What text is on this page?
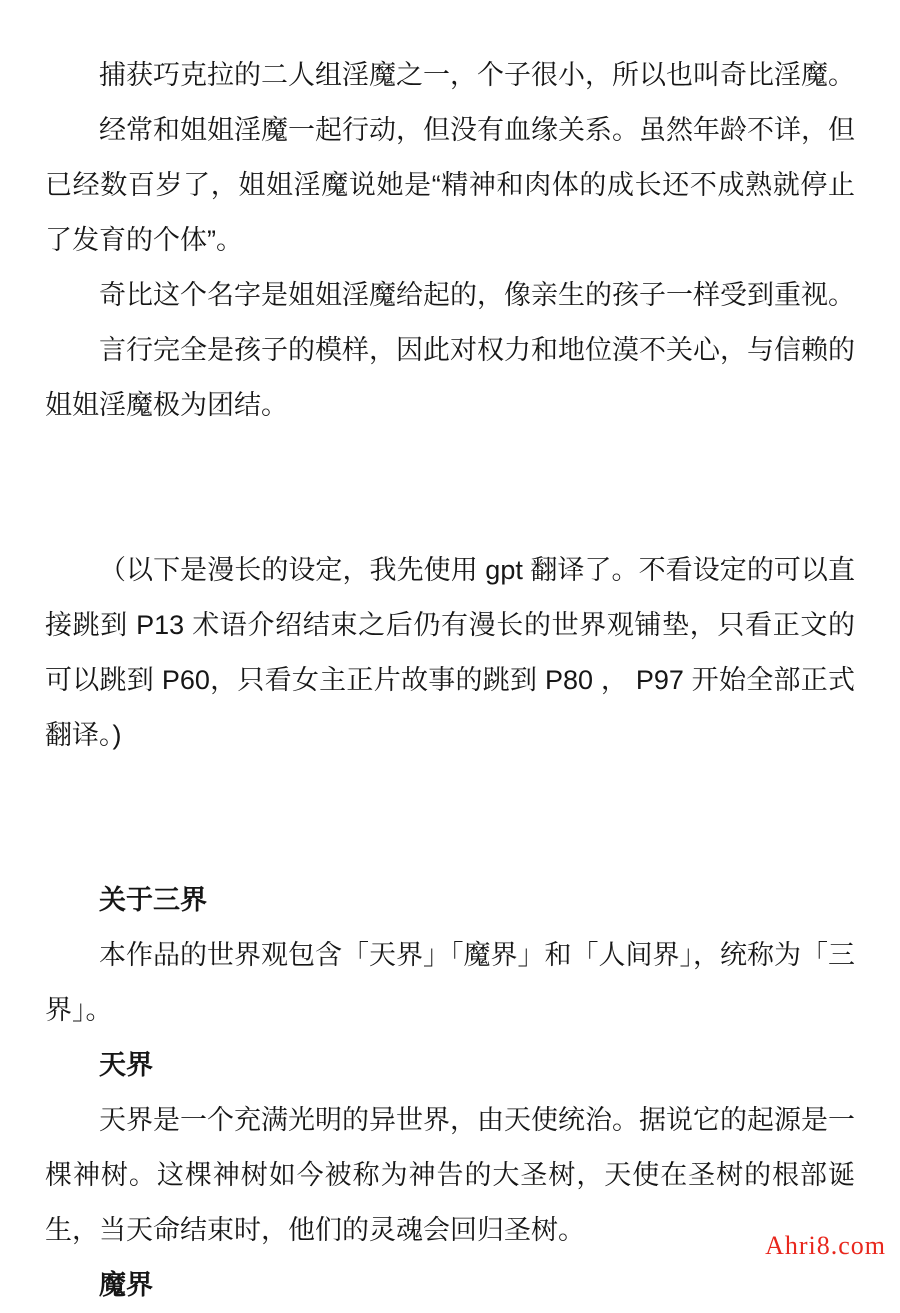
捕获巧克拉的二人组淫魔之一，个子很小，所以也叫奇比淫魔。

经常和姐姐淫魔一起行动，但没有血缘关系。虽然年龄不详，但已经数百岁了，姐姐淫魔说她是“精神和肉体的成长还不成熟就停止了发育的个体”。

奇比这个名字是姐姐淫魔给起的，像亲生的孩子一样受到重视。

言行完全是孩子的模样，因此对权力和地位漠不关心，与信赖的姐姐淫魔极为团结。

（以下是漫长的设定，我先使用 gpt 翻译了。不看设定的可以直接跳到 P13 术语介绍结束之后仍有漫长的世界观铺垫，只看正文的可以跳到 P60，只看女主正片故事的跳到 P80 ， P97 开始全部正式翻译。)

关于三界

本作品的世界观包含「天界」「魔界」和「人间界」，统称为「三界」。

天界

天界是一个充满光明的异世界，由天使统治。据说它的起源是一棵神树。这棵神树如今被称为神告的大圣树，天使在圣树的根部诞生，当天命结束时，他们的灵魂会回归圣树。

魔界

Ahri8.com
